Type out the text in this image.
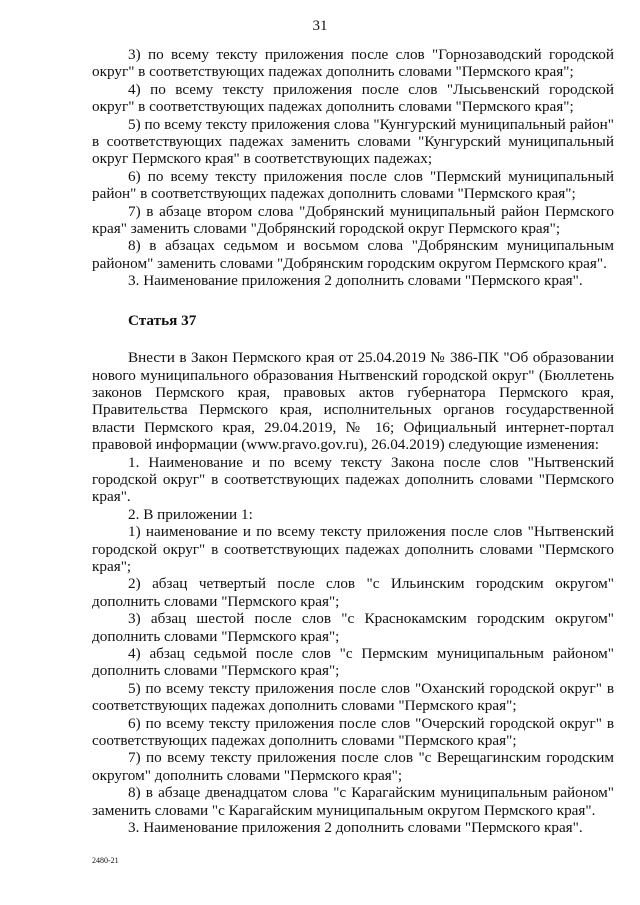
31

3) по всему тексту приложения после слов "Горнозаводский городской округ" в соответствующих падежах дополнить словами "Пермского края";

4) по всему тексту приложения после слов "Лысьвенский городской округ" в соответствующих падежах дополнить словами "Пермского края";

5) по всему тексту приложения слова "Кунгурский муниципальный район" в соответствующих падежах заменить словами "Кунгурский муниципальный округ Пермского края" в соответствующих падежах;

6) по всему тексту приложения после слов "Пермский муниципальный район" в соответствующих падежах дополнить словами "Пермского края";

7) в абзаце втором слова "Добрянский муниципальный район Пермского края" заменить словами "Добрянский городской округ Пермского края";

8) в абзацах седьмом и восьмом слова "Добрянским муниципальным районом" заменить словами "Добрянским городским округом Пермского края".

3. Наименование приложения 2 дополнить словами "Пермского края".

Статья 37

Внести в Закон Пермского края от 25.04.2019 № 386-ПК "Об образовании нового муниципального образования Нытвенский городской округ" (Бюллетень законов Пермского края, правовых актов губернатора Пермского края, Правительства Пермского края, исполнительных органов государственной власти Пермского края, 29.04.2019, № 16; Официальный интернет-портал правовой информации (www.pravo.gov.ru), 26.04.2019) следующие изменения:

1. Наименование и по всему тексту Закона после слов "Нытвенский городской округ" в соответствующих падежах дополнить словами "Пермского края".

2. В приложении 1:

1) наименование и по всему тексту приложения после слов "Нытвенский городской округ" в соответствующих падежах дополнить словами "Пермского края";

2) абзац четвертый после слов "с Ильинским городским округом" дополнить словами "Пермского края";

3) абзац шестой после слов "с Краснокамским городским округом" дополнить словами "Пермского края";

4) абзац седьмой после слов "с Пермским муниципальным районом" дополнить словами "Пермского края";

5) по всему тексту приложения после слов "Оханский городской округ" в соответствующих падежах дополнить словами "Пермского края";

6) по всему тексту приложения после слов "Очерский городской округ" в соответствующих падежах дополнить словами "Пермского края";

7) по всему тексту приложения после слов "с Верещагинским городским округом" дополнить словами "Пермского края";

8) в абзаце двенадцатом слова "с Карагайским муниципальным районом" заменить словами "с Карагайским муниципальным округом Пермского края".

3. Наименование приложения 2 дополнить словами "Пермского края".

2480-21
